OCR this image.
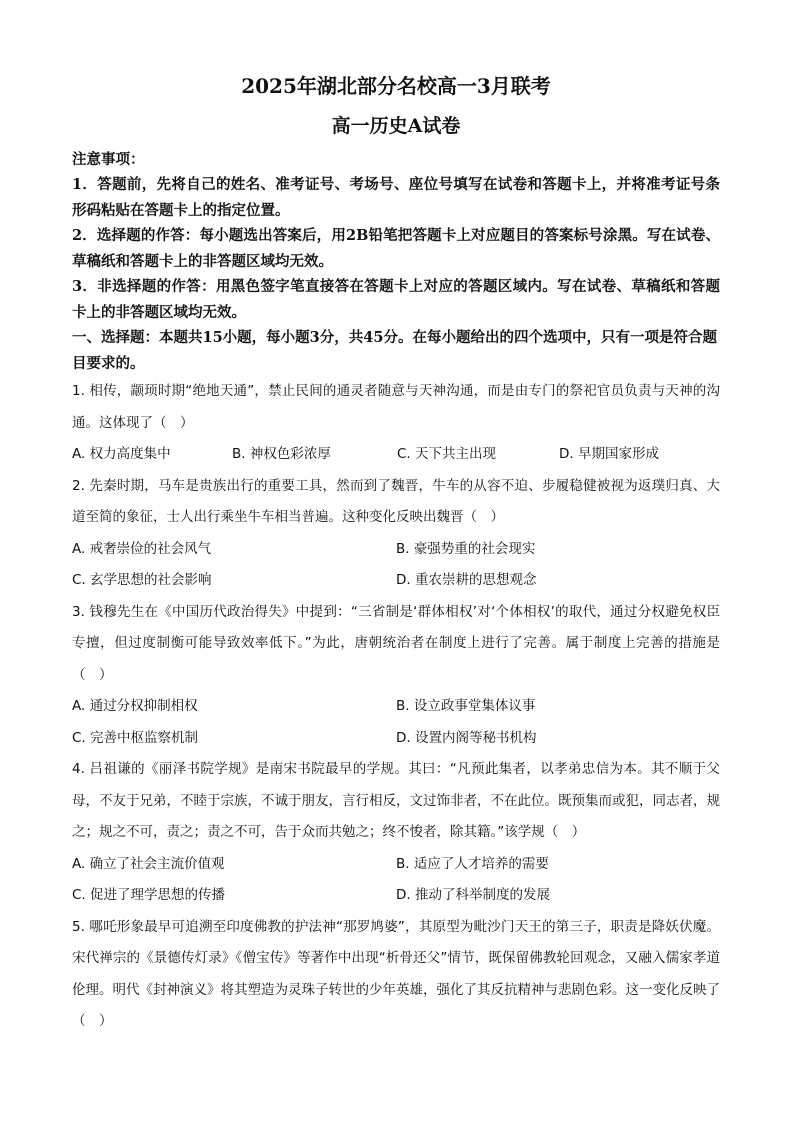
2025年湖北部分名校高一3月联考
高一历史A试卷
注意事项：
1．答题前，先将自己的姓名、准考证号、考场号、座位号填写在试卷和答题卡上，并将准考证号条形码粘贴在答题卡上的指定位置。
2．选择题的作答：每小题选出答案后，用2B铅笔把答题卡上对应题目的答案标号涂黑。写在试卷、草稿纸和答题卡上的非答题区域均无效。
3．非选择题的作答：用黑色签字笔直接答在答题卡上对应的答题区域内。写在试卷、草稿纸和答题卡上的非答题区域均无效。
一、选择题：本题共15小题，每小题3分，共45分。在每小题给出的四个选项中，只有一项是符合题目要求的。
1. 相传，颛顼时期“绝地天通”，禁止民间的通灵者随意与天神沟通，而是由专门的祭祀官员负责与天神的沟通。这体现了（　）
A. 权力高度集中	B. 神权色彩浓厚	C. 天下共主出现	D. 早期国家形成
2. 先秦时期，马车是贵族出行的重要工具，然而到了魏晋，牛车的从容不迫、步履稳健被视为返璞归真、大道至简的象征，士人出行乘坐牛车相当普遍。这种变化反映出魏晋（　）
A. 戒奢崇俭的社会风气	B. 豪强势重的社会现实
C. 玄学思想的社会影响	D. 重农崇耕的思想观念
3. 钱穆先生在《中国历代政治得失》中提到：“三省制是‘群体相权’对‘个体相权’的取代，通过分权避免权臣专擅，但过度制衡可能导致效率低下。”为此，唐朝统治者在制度上进行了完善。属于制度上完善的措施是（　）
A. 通过分权抑制相权	B. 设立政事堂集体议事
C. 完善中枢监察机制	D. 设置内阁等秘书机构
4. 吕祖谦的《丽泽书院学规》是南宋书院最早的学规。其曰：“凡预此集者，以孝弟忠信为本。其不顺于父母，不友于兄弟，不睦于宗族，不诚于朋友，言行相反，文过饰非者，不在此位。既预集而或犯，同志者，规之；规之不可，责之；责之不可，告于众而共勉之；终不悛者，除其籍。”该学规（　）
A. 确立了社会主流价值观	B. 适应了人才培养的需要
C. 促进了理学思想的传播	D. 推动了科举制度的发展
5. 哪吒形象最早可追溯至印度佛教的护法神“那罗鸠婆”，其原型为毗沙门天王的第三子，职责是降妖伏魔。宋代禅宗的《景德传灯录》《僧宝传》等著作中出现“析骨还父”情节，既保留佛教轮回观念，又融入儒家孝道伦理。明代《封神演义》将其塑造为灵珠子转世的少年英雄，强化了其反抗精神与悲剧色彩。这一变化反映了（　）
